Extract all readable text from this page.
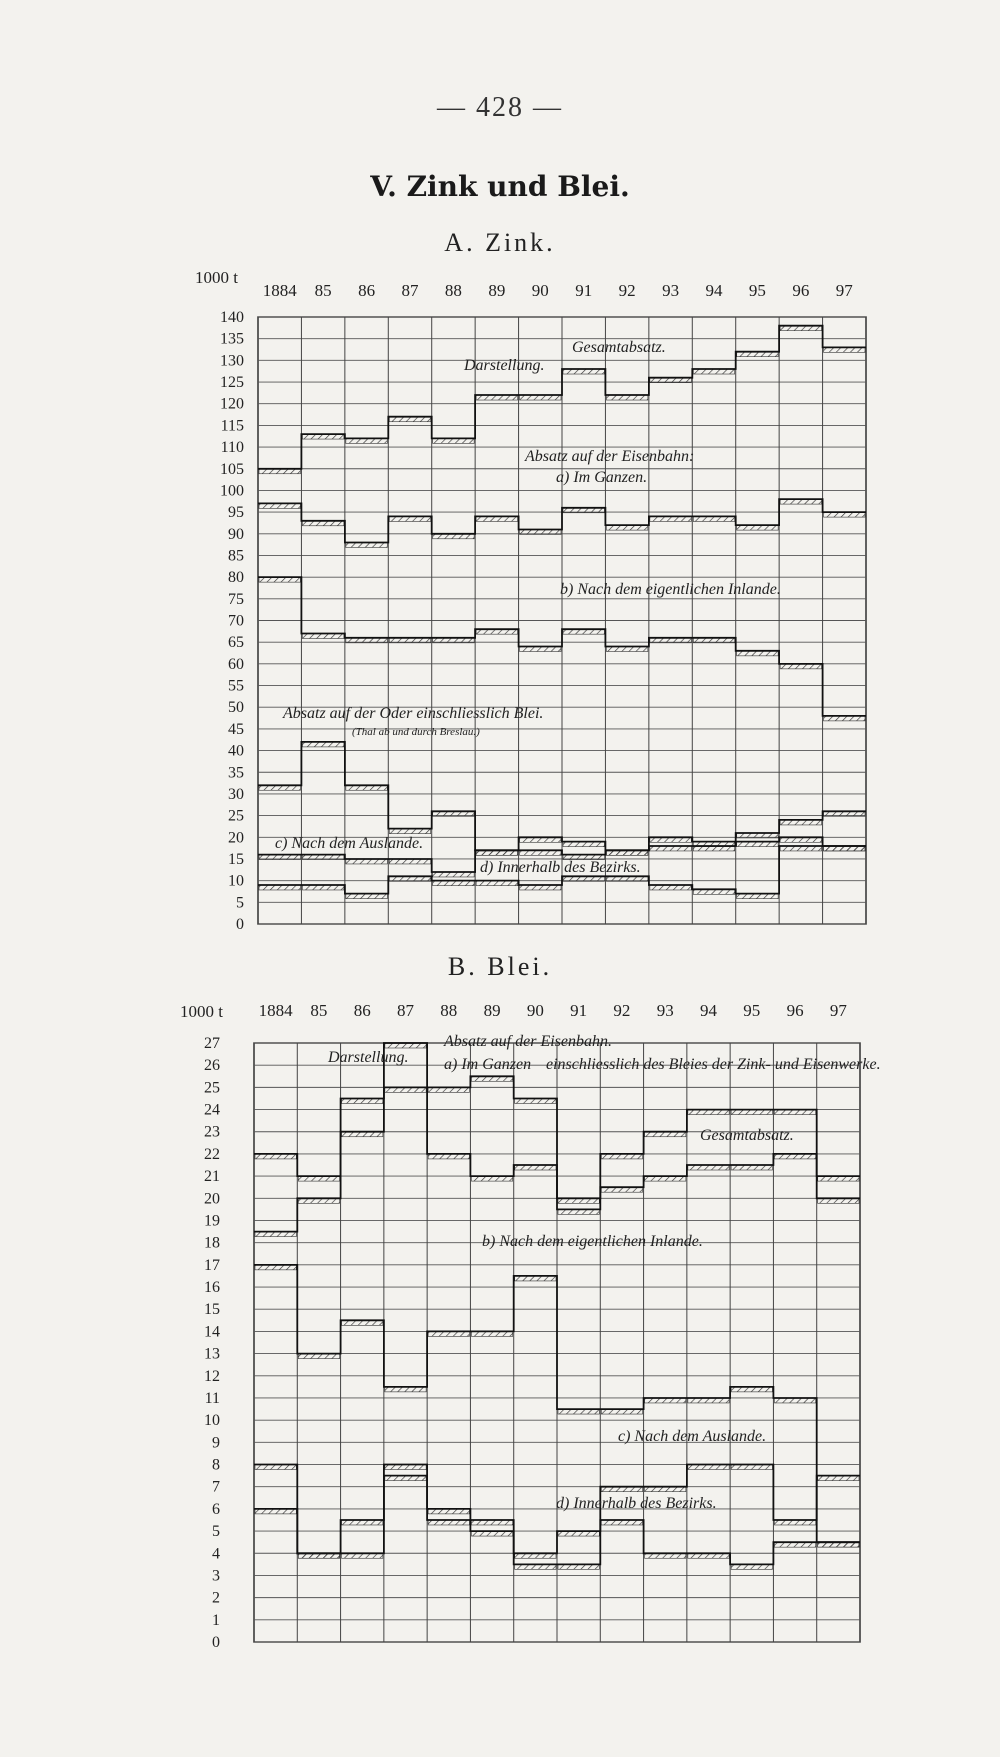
— 428 —
V. Zink und Blei.
A. Zink.
B. Blei.
1000 t
0
5
10
15
20
25
30
35
40
45
50
55
60
65
70
75
80
85
90
95
100
105
110
115
120
125
130
135
140
1884 85 86 87 88 89 90 91 92 93 94 95 96 97
Gesamtabsatz.
a) Im Ganzen.
b) Nach dem eigentlichen Inlande.
Absatz auf der Oder einschliesslich Blei.
c) Nach dem Auslande.
d) Innerhalb des Bezirks.
Darstellung.
Absatz auf der Eisenbahn:
(Thal ab und durch Breslau.)
1000 t
0
1
2
3
4
5
6
7
8
9
10
11
12
13
14
15
16
17
18
19
20
21
22
23
24
25
26
27
1884 85 86 87 88 89 90 91 92 93 94 95 96 97
Absatz auf der Eisenbahn.
Gesamtabsatz.
b) Nach dem eigentlichen Inlande.
c) Nach dem Auslande.
d) Innerhalb des Bezirks.
Darstellung. a) Im Ganzen einschliesslich des Bleies der Zink- und Eisenwerke.
